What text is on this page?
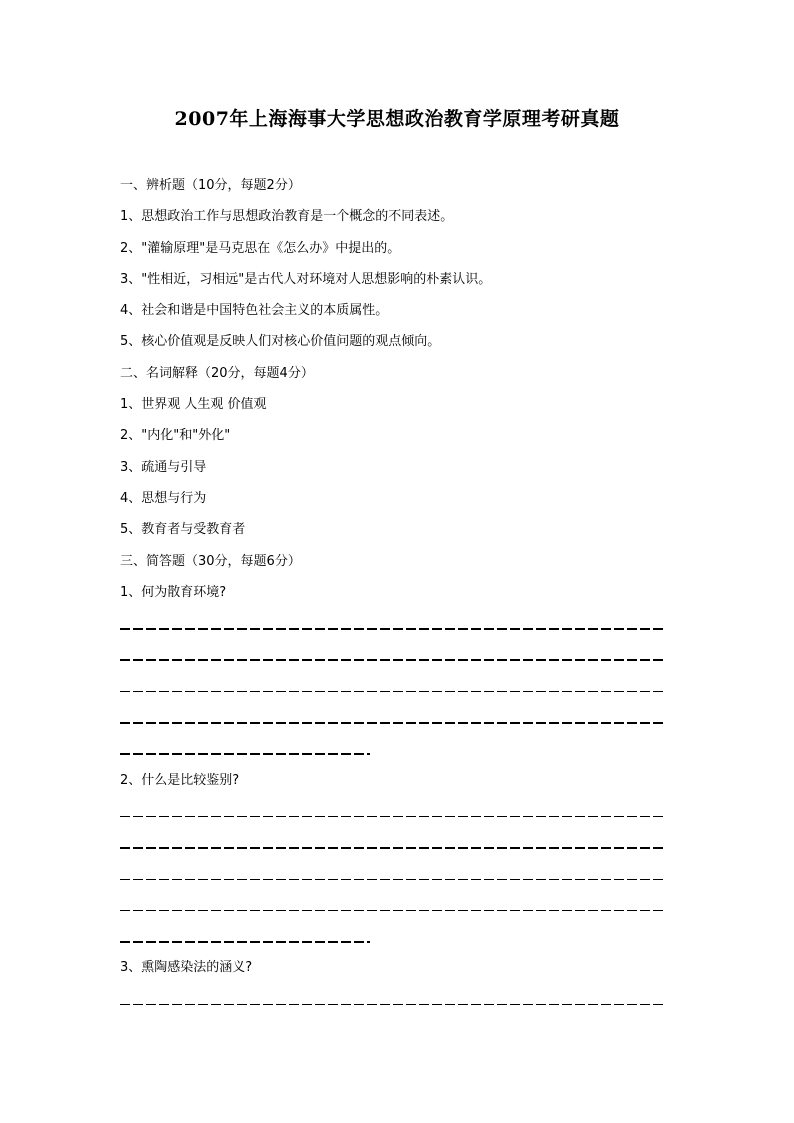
2007年上海海事大学思想政治教育学原理考研真题
一、辨析题（10分，每题2分）
1、思想政治工作与思想政治教育是一个概念的不同表述。
2、"灌输原理"是马克思在《怎么办》中提出的。
3、"性相近，习相远"是古代人对环境对人思想影响的朴素认识。
4、社会和谐是中国特色社会主义的本质属性。
5、核心价值观是反映人们对核心价值问题的观点倾向。
二、名词解释（20分，每题4分）
1、世界观 人生观 价值观
2、"内化"和"外化"
3、疏通与引导
4、思想与行为
5、教育者与受教育者
三、简答题（30分，每题6分）
1、何为散育环境?
2、什么是比较鉴别?
3、熏陶感染法的涵义?
